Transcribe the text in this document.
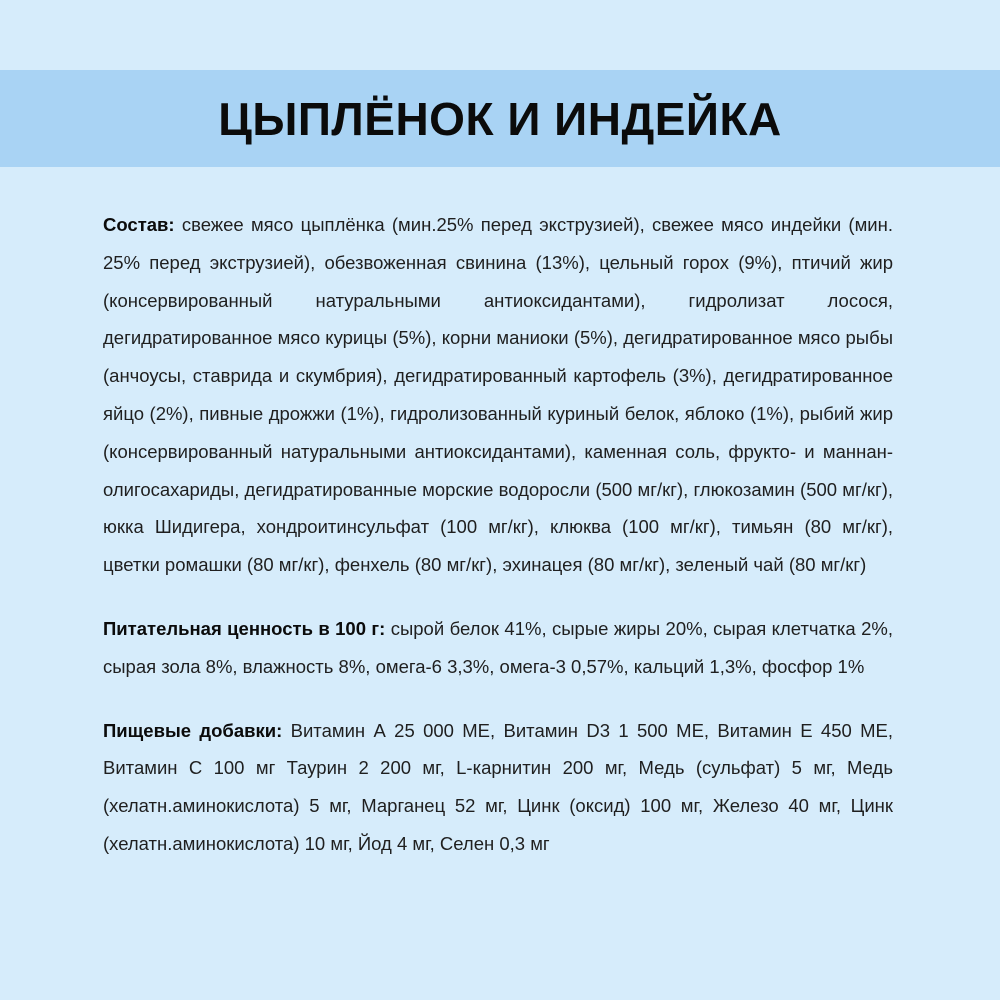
ЦЫПЛЁНОК И ИНДЕЙКА

Состав: свежее мясо цыплёнка (мин.25% перед экструзией), свежее мясо индейки (мин. 25% перед экструзией), обезвоженная свинина (13%), цельный горох (9%), птичий жир (консервированный натуральными антиоксидантами), гидролизат лосося, дегидратированное мясо курицы (5%), корни маниоки (5%), дегидратированное мясо рыбы (анчоусы, ставрида и скумбрия), дегидратированный картофель (3%), дегидратированное яйцо (2%), пивные дрожжи (1%), гидролизованный куриный белок, яблоко (1%), рыбий жир (консервированный натуральными антиоксидантами), каменная соль, фрукто- и маннан-олигосахариды, дегидратированные морские водоросли (500 мг/кг), глюкозамин (500 мг/кг), юкка Шидигера, хондроитинсульфат (100 мг/кг), клюква (100 мг/кг), тимьян (80 мг/кг), цветки ромашки (80 мг/кг), фенхель (80 мг/кг), эхинацея (80 мг/кг), зеленый чай (80 мг/кг)

Питательная ценность в 100 г: сырой белок 41%, сырые жиры 20%, сырая клетчатка 2%, сырая зола 8%, влажность 8%, омега-6 3,3%, омега-3 0,57%, кальций 1,3%, фосфор 1%

Пищевые добавки: Витамин А 25 000 МЕ, Витамин D3 1 500 МЕ, Витамин Е 450 МЕ, Витамин С 100 мг Таурин 2 200 мг, L-карнитин 200 мг, Медь (сульфат) 5 мг, Медь (хелатн.аминокислота) 5 мг, Марганец 52 мг, Цинк (оксид) 100 мг, Железо 40 мг, Цинк (хелатн.аминокислота) 10 мг, Йод 4 мг, Селен 0,3 мг
